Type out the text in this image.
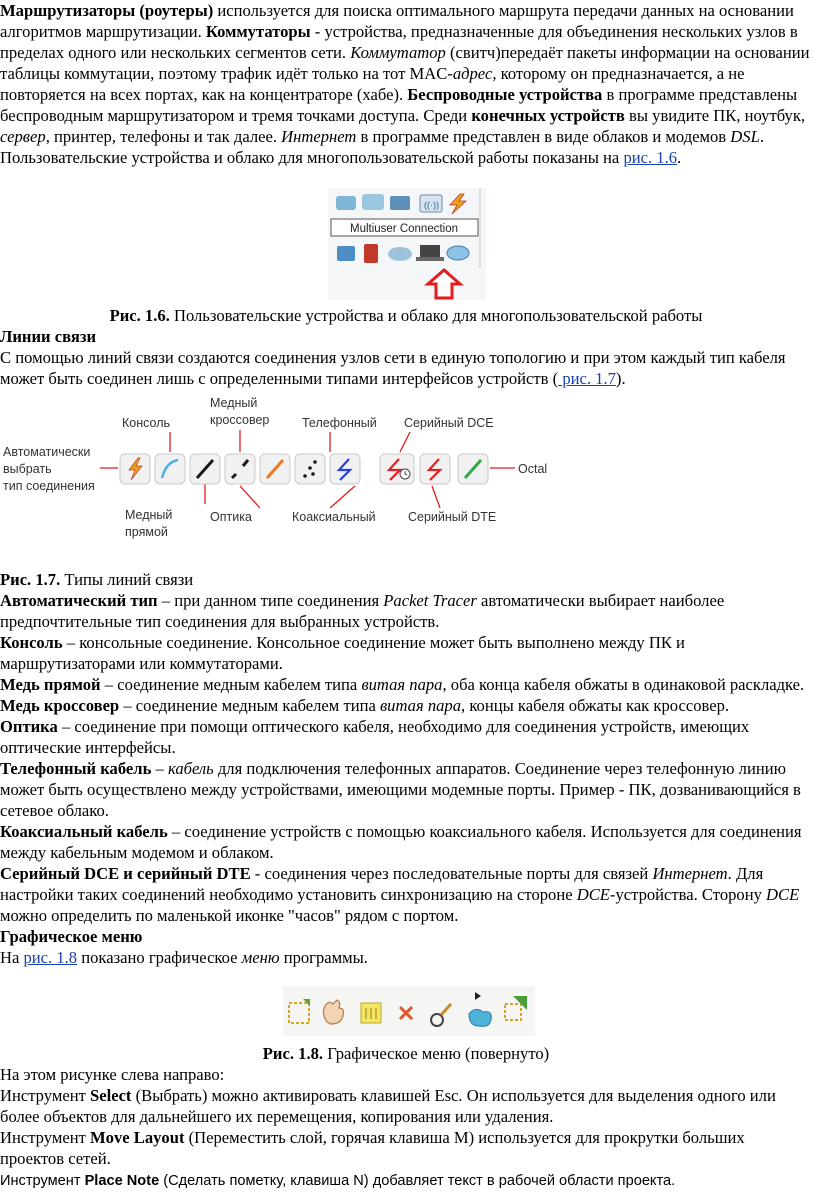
Маршрутизаторы (роутеры) используется для поиска оптимального маршрута передачи данных на основании алгоритмов маршрутизации. Коммутаторы - устройства, предназначенные для объединения нескольких узлов в пределах одного или нескольких сегментов сети. Коммутатор (свитч)передаёт пакеты информации на основании таблицы коммутации, поэтому трафик идёт только на тот MAC-адрес, которому он предназначается, а не повторяется на всех портах, как на концентраторе (хабе). Беспроводные устройства в программе представлены беспроводным маршрутизатором и тремя точками доступа. Среди конечных устройств вы увидите ПК, ноутбук, сервер, принтер, телефоны и так далее. Интернет в программе представлен в виде облаков и модемов DSL. Пользовательские устройства и облако для многопользовательской работы показаны на рис. 1.6.

((·))
Multiuser Connection

Рис. 1.6. Пользовательские устройства и облако для многопользовательской работы

Линии связи

С помощью линий связи создаются соединения узлов сети в единую топологию и при этом каждый тип кабеля может быть соединен лишь с определенными типами интерфейсов устройств ( рис. 1.7).

Автоматически
выбрать
тип соединения
Консоль
Медный
кроссовер	Телефонный Серийный DCE
Octal
Медный
прямой
Оптика	Коаксиальный	Серийный DTE

Рис. 1.7. Типы линий связи

Автоматический тип – при данном типе соединения Packet Tracer автоматически выбирает наиболее предпочтительные тип соединения для выбранных устройств.

Консоль – консольные соединение. Консольное соединение может быть выполнено между ПК и маршрутизаторами или коммутаторами.

Медь прямой – соединение медным кабелем типа витая пара, оба конца кабеля обжаты в одинаковой раскладке.

Медь кроссовер – соединение медным кабелем типа витая пара, концы кабеля обжаты как кроссовер.

Оптика – соединение при помощи оптического кабеля, необходимо для соединения устройств, имеющих оптические интерфейсы.

Телефонный кабель – кабель для подключения телефонных аппаратов. Соединение через телефонную линию может быть осуществлено между устройствами, имеющими модемные порты. Пример - ПК, дозванивающийся в сетевое облако.

Коаксиальный кабель – соединение устройств с помощью коаксиального кабеля. Используется для соединения между кабельным модемом и облаком.

Серийный DCE и серийный DTE - соединения через последовательные порты для связей Интернет. Для настройки таких соединений необходимо установить синхронизацию на стороне DCE-устройства. Сторону DCE можно определить по маленькой иконке "часов" рядом с портом.

Графическое меню

На рис. 1.8 показано графическое меню программы.

Рис. 1.8. Графическое меню (повернуто)

На этом рисунке слева направо:

Инструмент Select (Выбрать) можно активировать клавишей Esc. Он используется для выделения одного или более объектов для дальнейшего их перемещения, копирования или удаления.

Инструмент Move Layout (Переместить слой, горячая клавиша M) используется для прокрутки больших проектов сетей.

Инструмент Place Note (Сделать пометку, клавиша N) добавляет текст в рабочей области проекта.
